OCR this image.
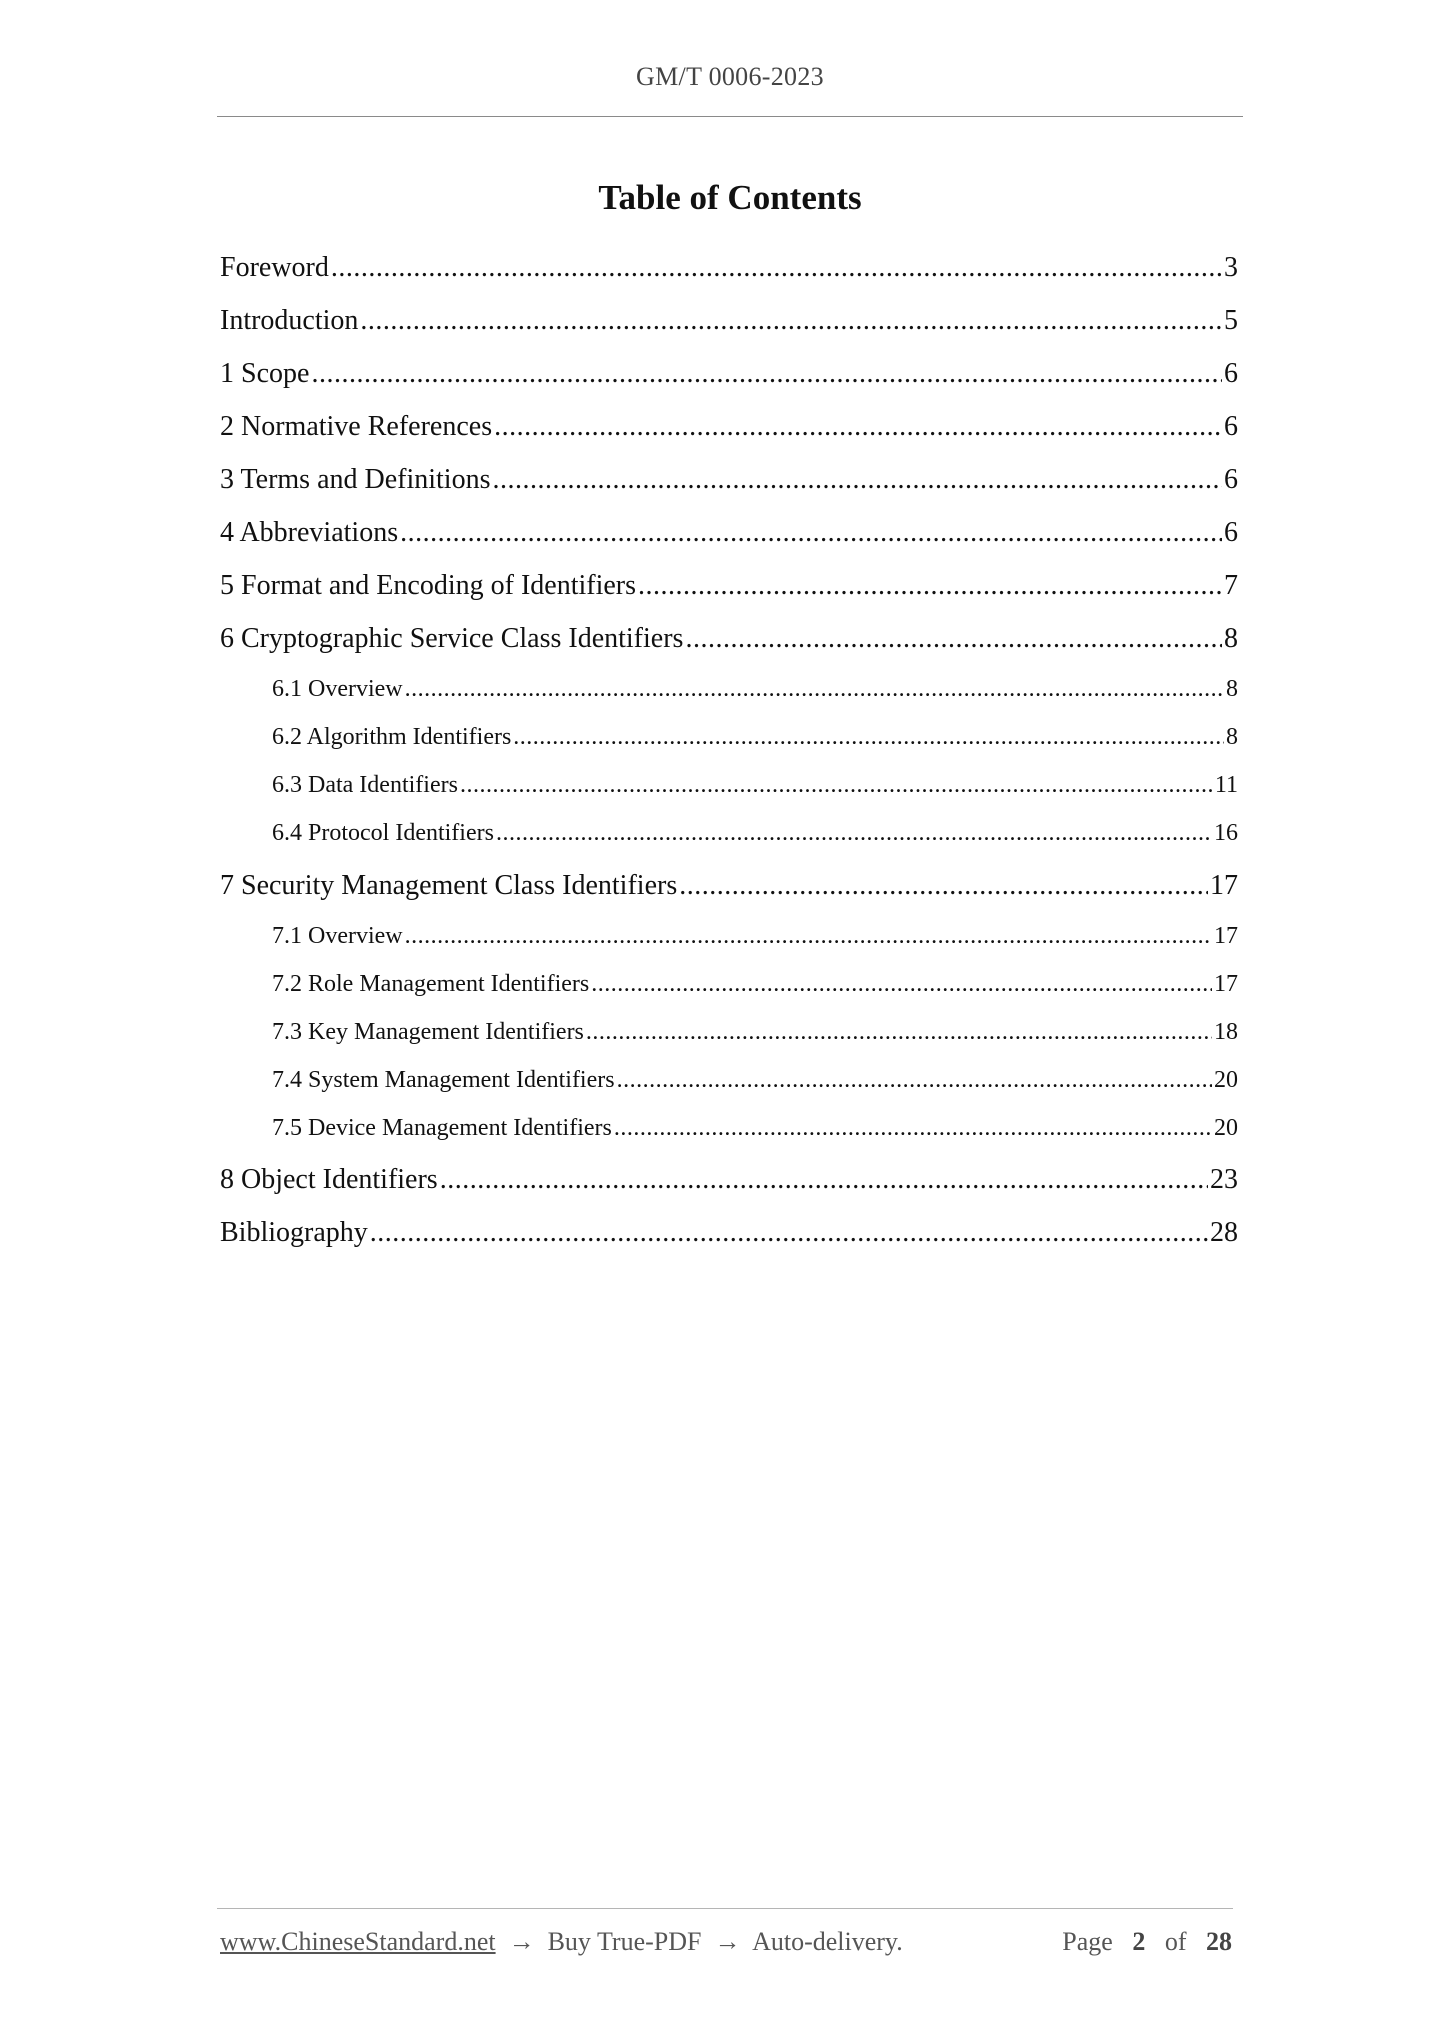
GM/T 0006-2023
Table of Contents
Foreword .....	3
Introduction .....	5
1 Scope .....	6
2 Normative References .....	6
3 Terms and Definitions .....	6
4 Abbreviations .....	6
5 Format and Encoding of Identifiers .....	7
6 Cryptographic Service Class Identifiers .....	8
6.1 Overview .....	8
6.2 Algorithm Identifiers .....	8
6.3 Data Identifiers .....	11
6.4 Protocol Identifiers .....	16
7 Security Management Class Identifiers .....	17
7.1 Overview .....	17
7.2 Role Management Identifiers .....	17
7.3 Key Management Identifiers .....	18
7.4 System Management Identifiers .....	20
7.5 Device Management Identifiers .....	20
8 Object Identifiers .....	23
Bibliography .....	28
www.ChineseStandard.net → Buy True-PDF → Auto-delivery.	Page 2 of 28
